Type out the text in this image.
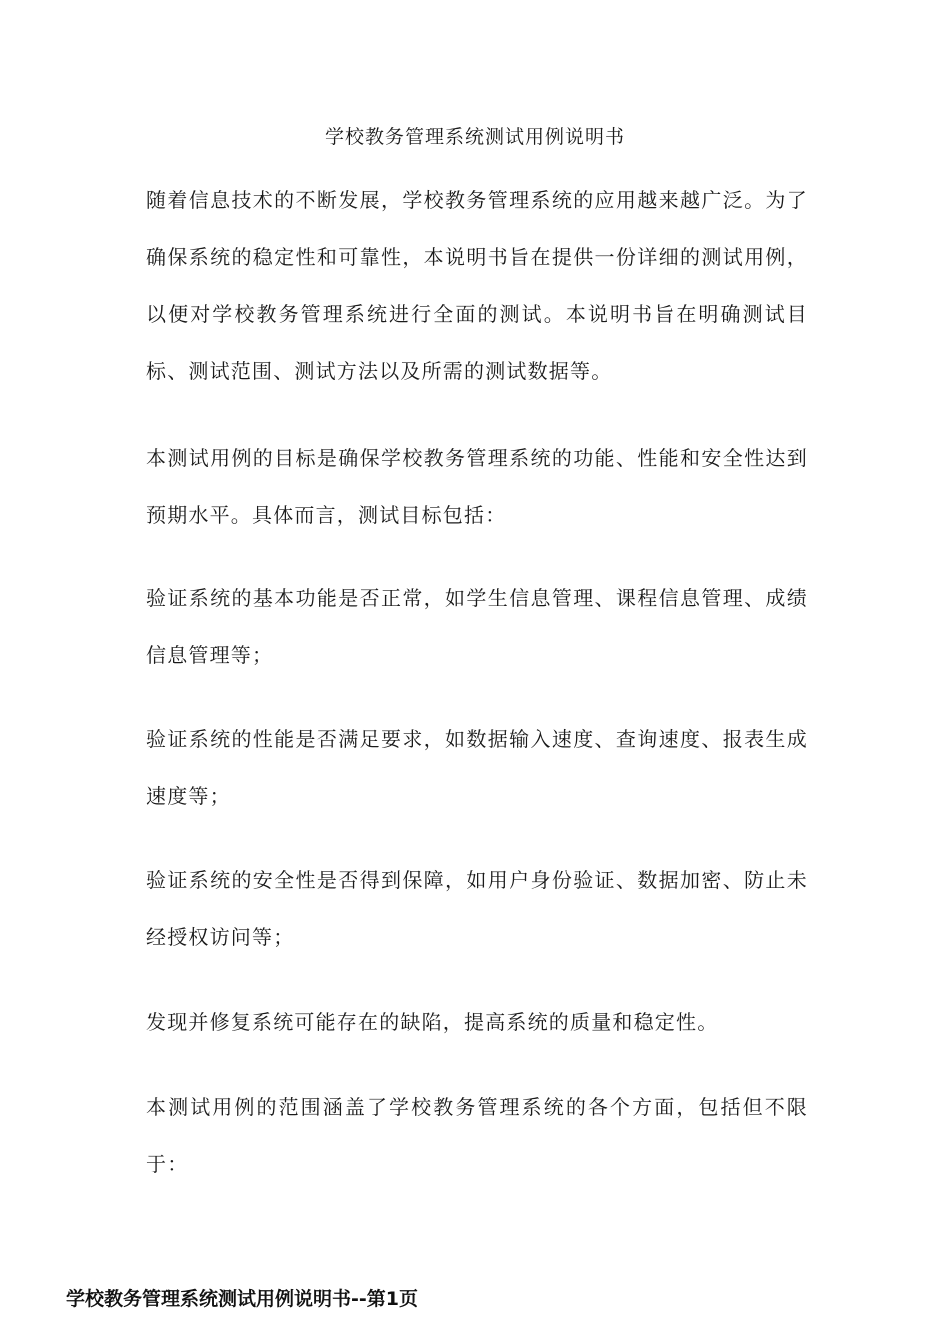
学校教务管理系统测试用例说明书

随着信息技术的不断发展，学校教务管理系统的应用越来越广泛。为了确保系统的稳定性和可靠性，本说明书旨在提供一份详细的测试用例，以便对学校教务管理系统进行全面的测试。本说明书旨在明确测试目标、测试范围、测试方法以及所需的测试数据等。

本测试用例的目标是确保学校教务管理系统的功能、性能和安全性达到预期水平。具体而言，测试目标包括：

验证系统的基本功能是否正常，如学生信息管理、课程信息管理、成绩信息管理等；

验证系统的性能是否满足要求，如数据输入速度、查询速度、报表生成速度等；

验证系统的安全性是否得到保障，如用户身份验证、数据加密、防止未经授权访问等；

发现并修复系统可能存在的缺陷，提高系统的质量和稳定性。

本测试用例的范围涵盖了学校教务管理系统的各个方面，包括但不限于：

学校教务管理系统测试用例说明书--第1页
